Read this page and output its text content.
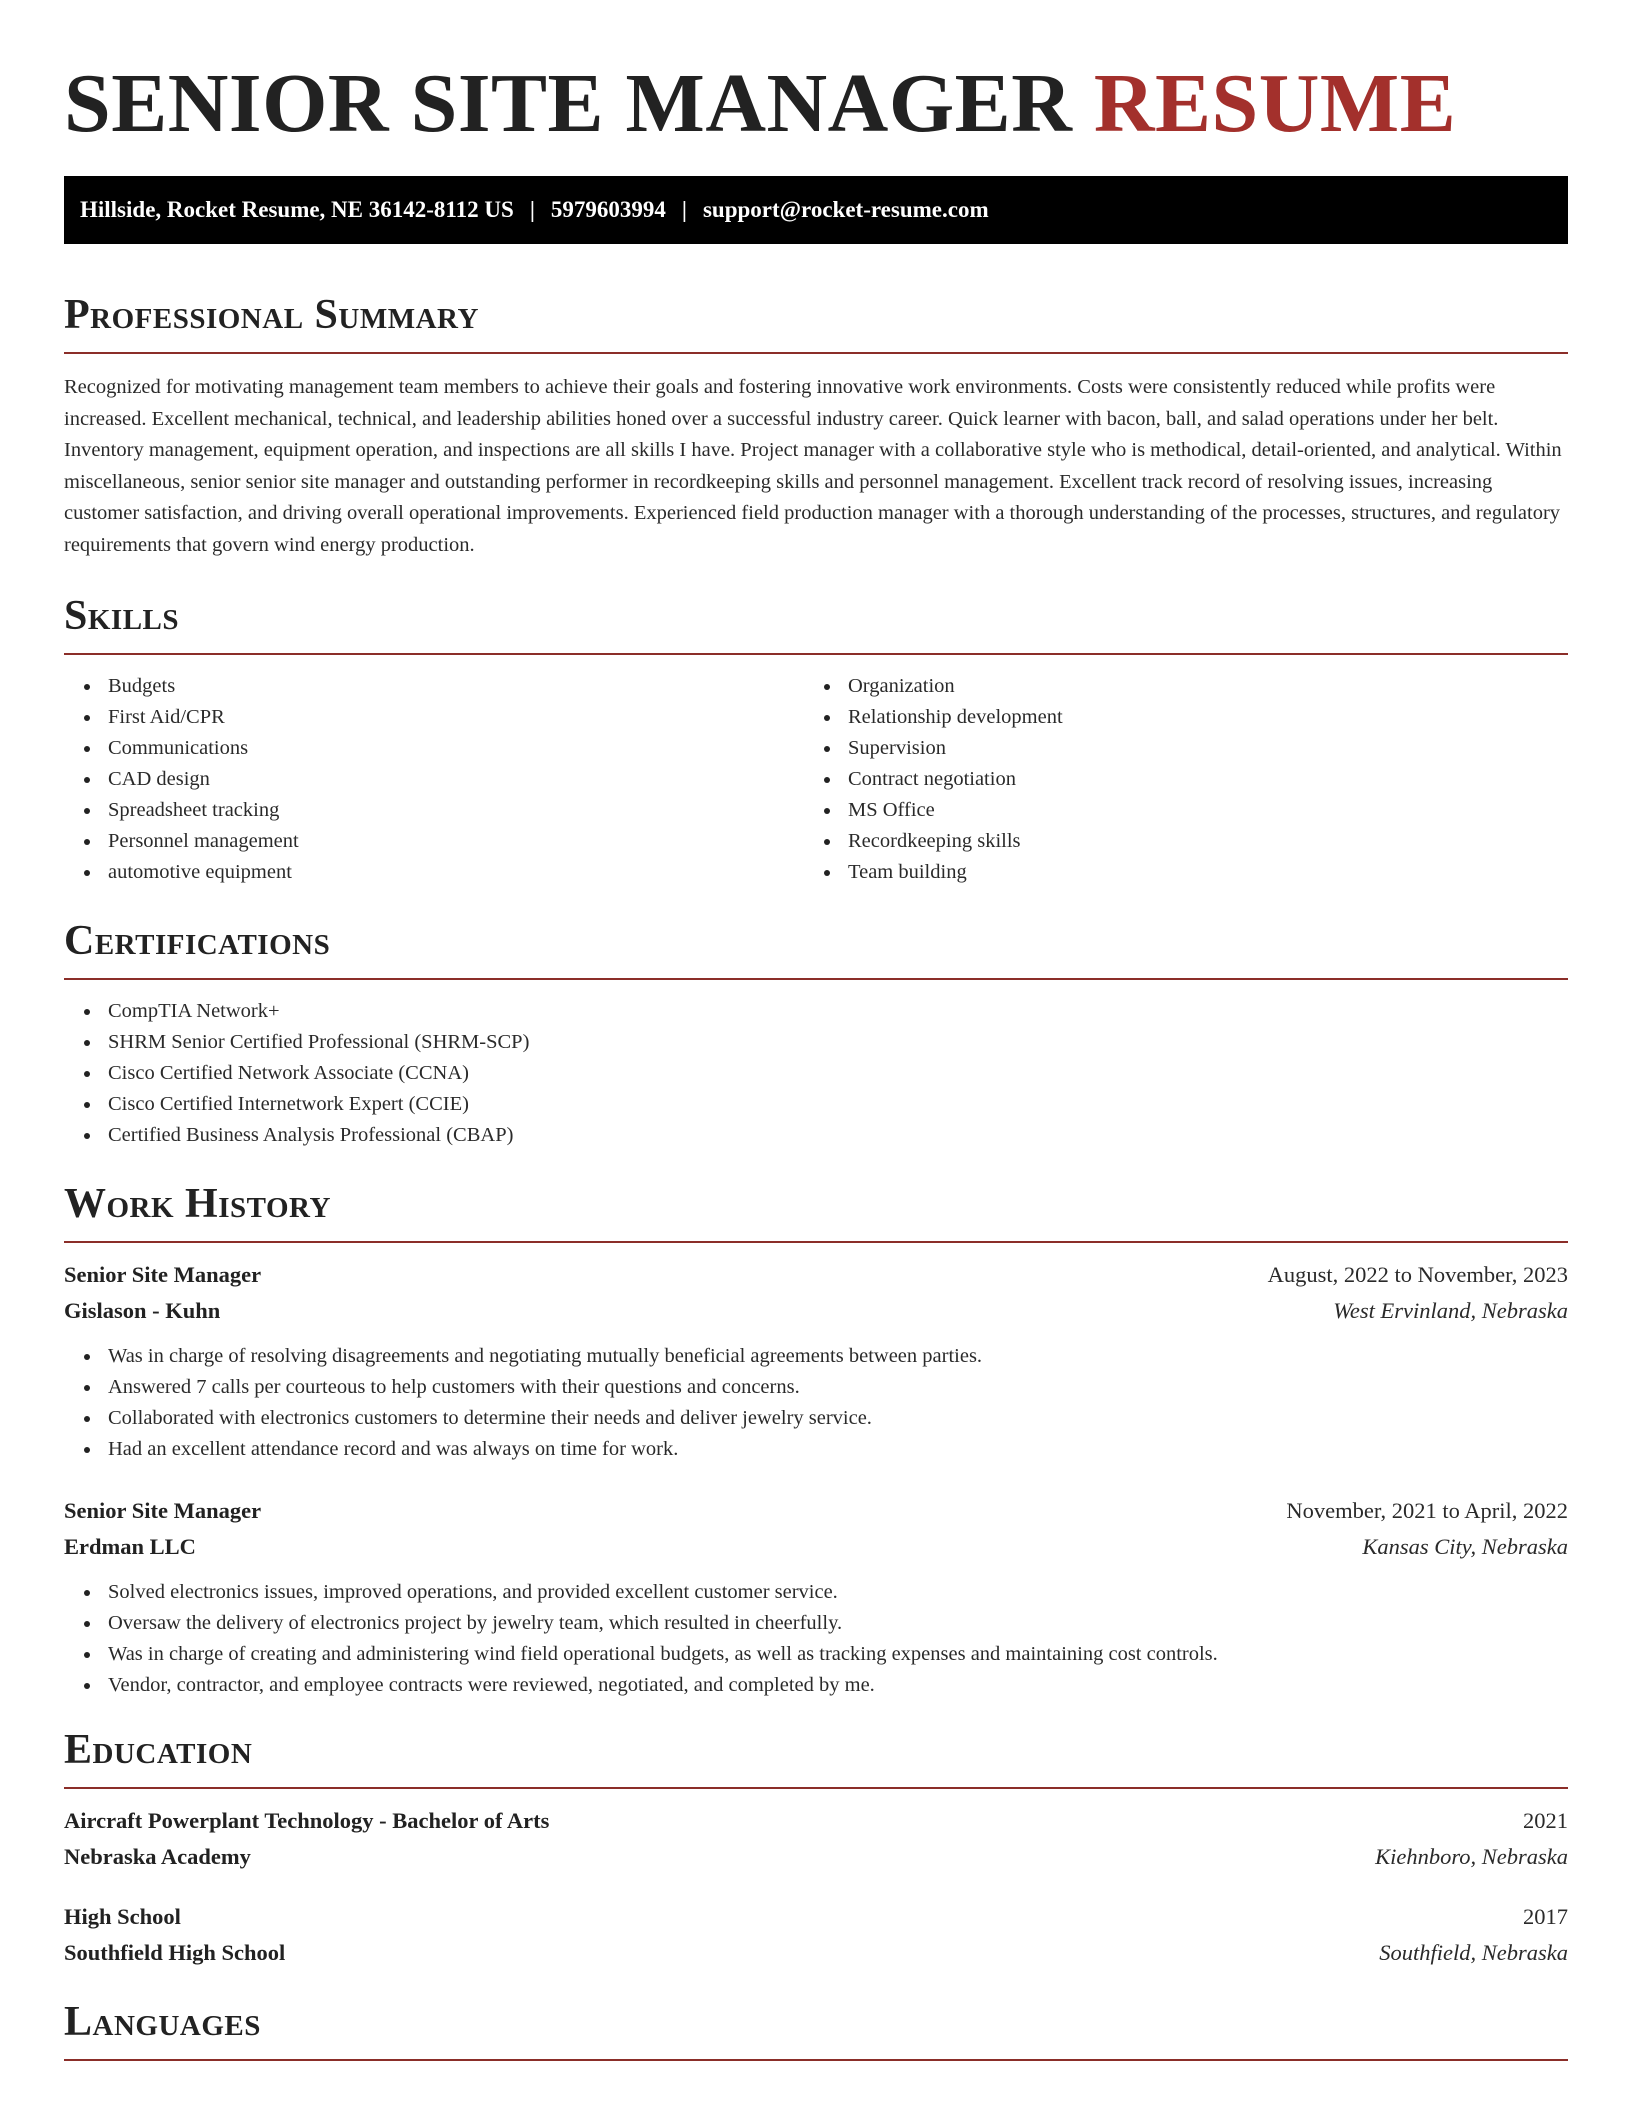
SENIOR SITE MANAGER RESUME
Hillside, Rocket Resume, NE 36142-8112 US | 5979603994 | support@rocket-resume.com
Professional Summary

Recognized for motivating management team members to achieve their goals and fostering innovative work environments. Costs were consistently reduced while profits were increased. Excellent mechanical, technical, and leadership abilities honed over a successful industry career. Quick learner with bacon, ball, and salad operations under her belt. Inventory management, equipment operation, and inspections are all skills I have. Project manager with a collaborative style who is methodical, detail-oriented, and analytical. Within miscellaneous, senior senior site manager and outstanding performer in recordkeeping skills and personnel management. Excellent track record of resolving issues, increasing customer satisfaction, and driving overall operational improvements. Experienced field production manager with a thorough understanding of the processes, structures, and regulatory requirements that govern wind energy production.

Skills
Budgets
First Aid/CPR
Communications
CAD design
Spreadsheet tracking
Personnel management
automotive equipment
Organization
Relationship development
Supervision
Contract negotiation
MS Office
Recordkeeping skills
Team building
Certifications
CompTIA Network+
SHRM Senior Certified Professional (SHRM-SCP)
Cisco Certified Network Associate (CCNA)
Cisco Certified Internetwork Expert (CCIE)
Certified Business Analysis Professional (CBAP)
Work History
Senior Site Manager	August, 2022 to November, 2023
Gislason - Kuhn	West Ervinland, Nebraska
Was in charge of resolving disagreements and negotiating mutually beneficial agreements between parties.
Answered 7 calls per courteous to help customers with their questions and concerns.
Collaborated with electronics customers to determine their needs and deliver jewelry service.
Had an excellent attendance record and was always on time for work.
Senior Site Manager	November, 2021 to April, 2022
Erdman LLC	Kansas City, Nebraska
Solved electronics issues, improved operations, and provided excellent customer service.
Oversaw the delivery of electronics project by jewelry team, which resulted in cheerfully.
Was in charge of creating and administering wind field operational budgets, as well as tracking expenses and maintaining cost controls.
Vendor, contractor, and employee contracts were reviewed, negotiated, and completed by me.
Education
Aircraft Powerplant Technology - Bachelor of Arts	2021
Nebraska Academy	Kiehnboro, Nebraska
High School	2017
Southfield High School	Southfield, Nebraska
Languages
